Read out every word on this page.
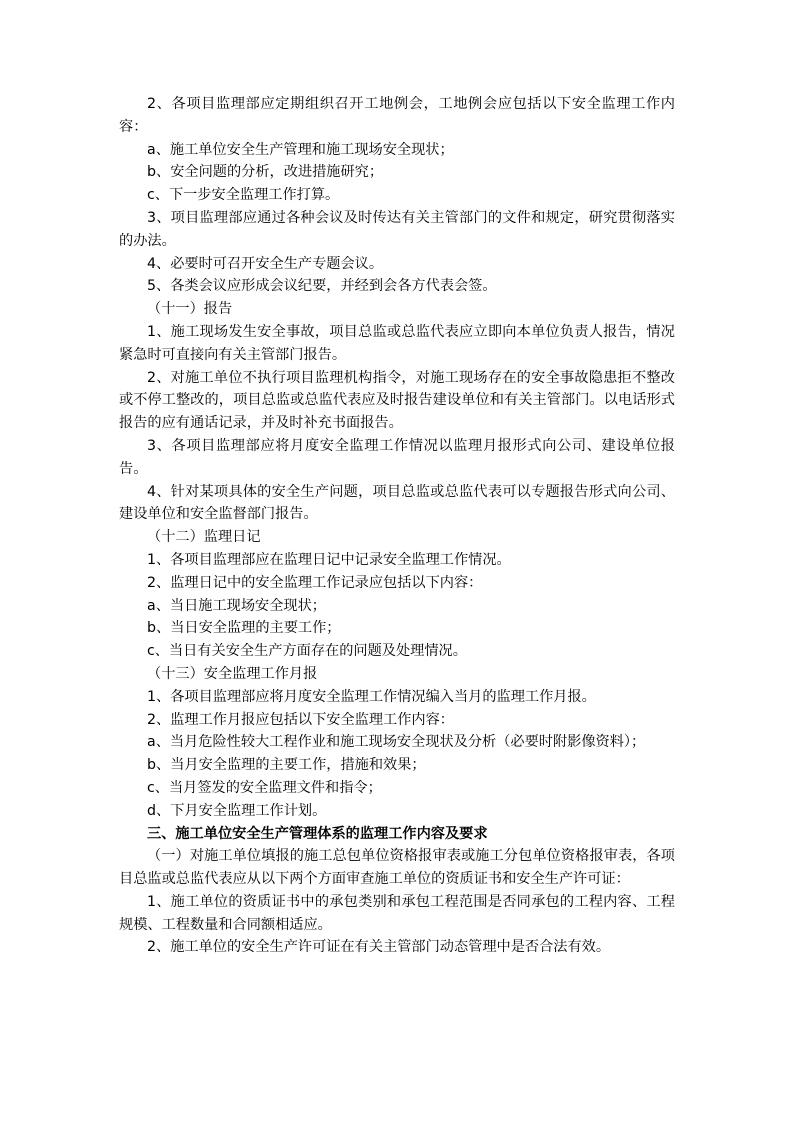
2、各项目监理部应定期组织召开工地例会，工地例会应包括以下安全监理工作内容：

a、施工单位安全生产管理和施工现场安全现状；

b、安全问题的分析，改进措施研究；

c、下一步安全监理工作打算。

3、项目监理部应通过各种会议及时传达有关主管部门的文件和规定，研究贯彻落实的办法。

4、必要时可召开安全生产专题会议。

5、各类会议应形成会议纪要，并经到会各方代表会签。

（十一）报告

1、施工现场发生安全事故，项目总监或总监代表应立即向本单位负责人报告，情况紧急时可直接向有关主管部门报告。

2、对施工单位不执行项目监理机构指令，对施工现场存在的安全事故隐患拒不整改或不停工整改的，项目总监或总监代表应及时报告建设单位和有关主管部门。以电话形式报告的应有通话记录，并及时补充书面报告。

3、各项目监理部应将月度安全监理工作情况以监理月报形式向公司、建设单位报告。

4、针对某项具体的安全生产问题，项目总监或总监代表可以专题报告形式向公司、建设单位和安全监督部门报告。

（十二）监理日记

1、各项目监理部应在监理日记中记录安全监理工作情况。

2、监理日记中的安全监理工作记录应包括以下内容：

a、当日施工现场安全现状；

b、当日安全监理的主要工作；

c、当日有关安全生产方面存在的问题及处理情况。

（十三）安全监理工作月报

1、各项目监理部应将月度安全监理工作情况编入当月的监理工作月报。

2、监理工作月报应包括以下安全监理工作内容：

a、当月危险性较大工程作业和施工现场安全现状及分析（必要时附影像资料）；

b、当月安全监理的主要工作，措施和效果；

c、当月签发的安全监理文件和指令；

d、下月安全监理工作计划。

三、施工单位安全生产管理体系的监理工作内容及要求

（一）对施工单位填报的施工总包单位资格报审表或施工分包单位资格报审表，各项目总监或总监代表应从以下两个方面审查施工单位的资质证书和安全生产许可证：

1、施工单位的资质证书中的承包类别和承包工程范围是否同承包的工程内容、工程规模、工程数量和合同额相适应。

2、施工单位的安全生产许可证在有关主管部门动态管理中是否合法有效。
